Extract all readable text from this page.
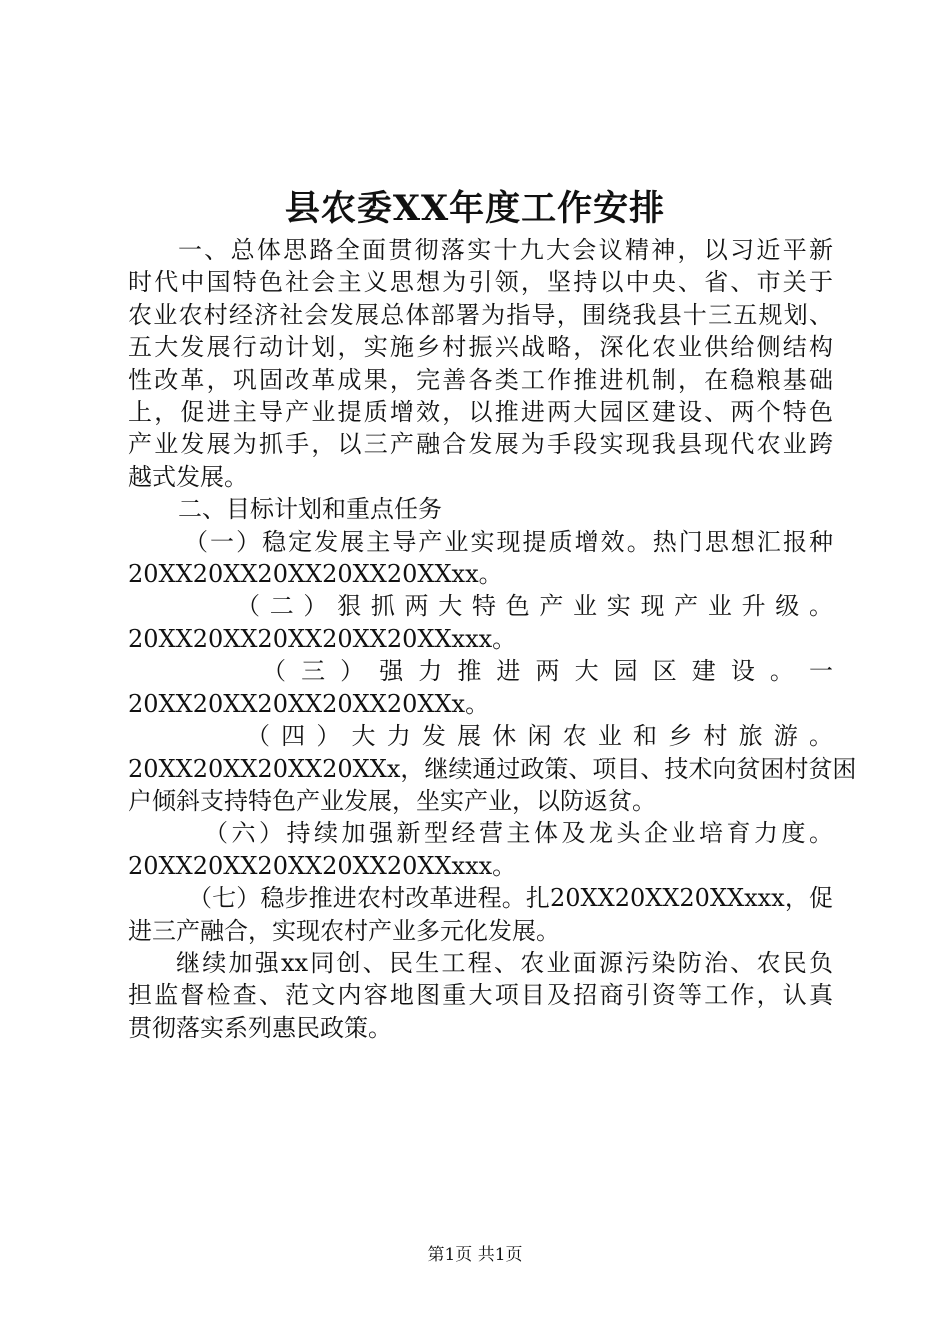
县农委XX年度工作安排
一、总体思路全面贯彻落实十九大会议精神，以习近平新
时代中国特色社会主义思想为引领，坚持以中央、省、市关于
农业农村经济社会发展总体部署为指导，围绕我县十三五规划、
五大发展行动计划，实施乡村振兴战略，深化农业供给侧结构
性改革，巩固改革成果，完善各类工作推进机制，在稳粮基础
上，促进主导产业提质增效，以推进两大园区建设、两个特色
产业发展为抓手，以三产融合发展为手段实现我县现代农业跨
越式发展。
二、目标计划和重点任务
（一）稳定发展主导产业实现提质增效。热门思想汇报种
20XX20XX20XX20XX20XXxx。
（二）狠抓两大特色产业实现产业升级。
20XX20XX20XX20XX20XXxxx。
（三）强力推进两大园区建设。一
20XX20XX20XX20XX20XXx。
（四）大力发展休闲农业和乡村旅游。
20XX20XX20XX20XXx，继续通过政策、项目、技术向贫困村贫困
户倾斜支持特色产业发展，坐实产业，以防返贫。
（六）持续加强新型经营主体及龙头企业培育力度。
20XX20XX20XX20XX20XXxxx。
（七）稳步推进农村改革进程。扎20XX20XX20XXxxx，促
进三产融合，实现农村产业多元化发展。
继续加强xx同创、民生工程、农业面源污染防治、农民负
担监督检查、范文内容地图重大项目及招商引资等工作，认真
贯彻落实系列惠民政策。
第1页 共1页
